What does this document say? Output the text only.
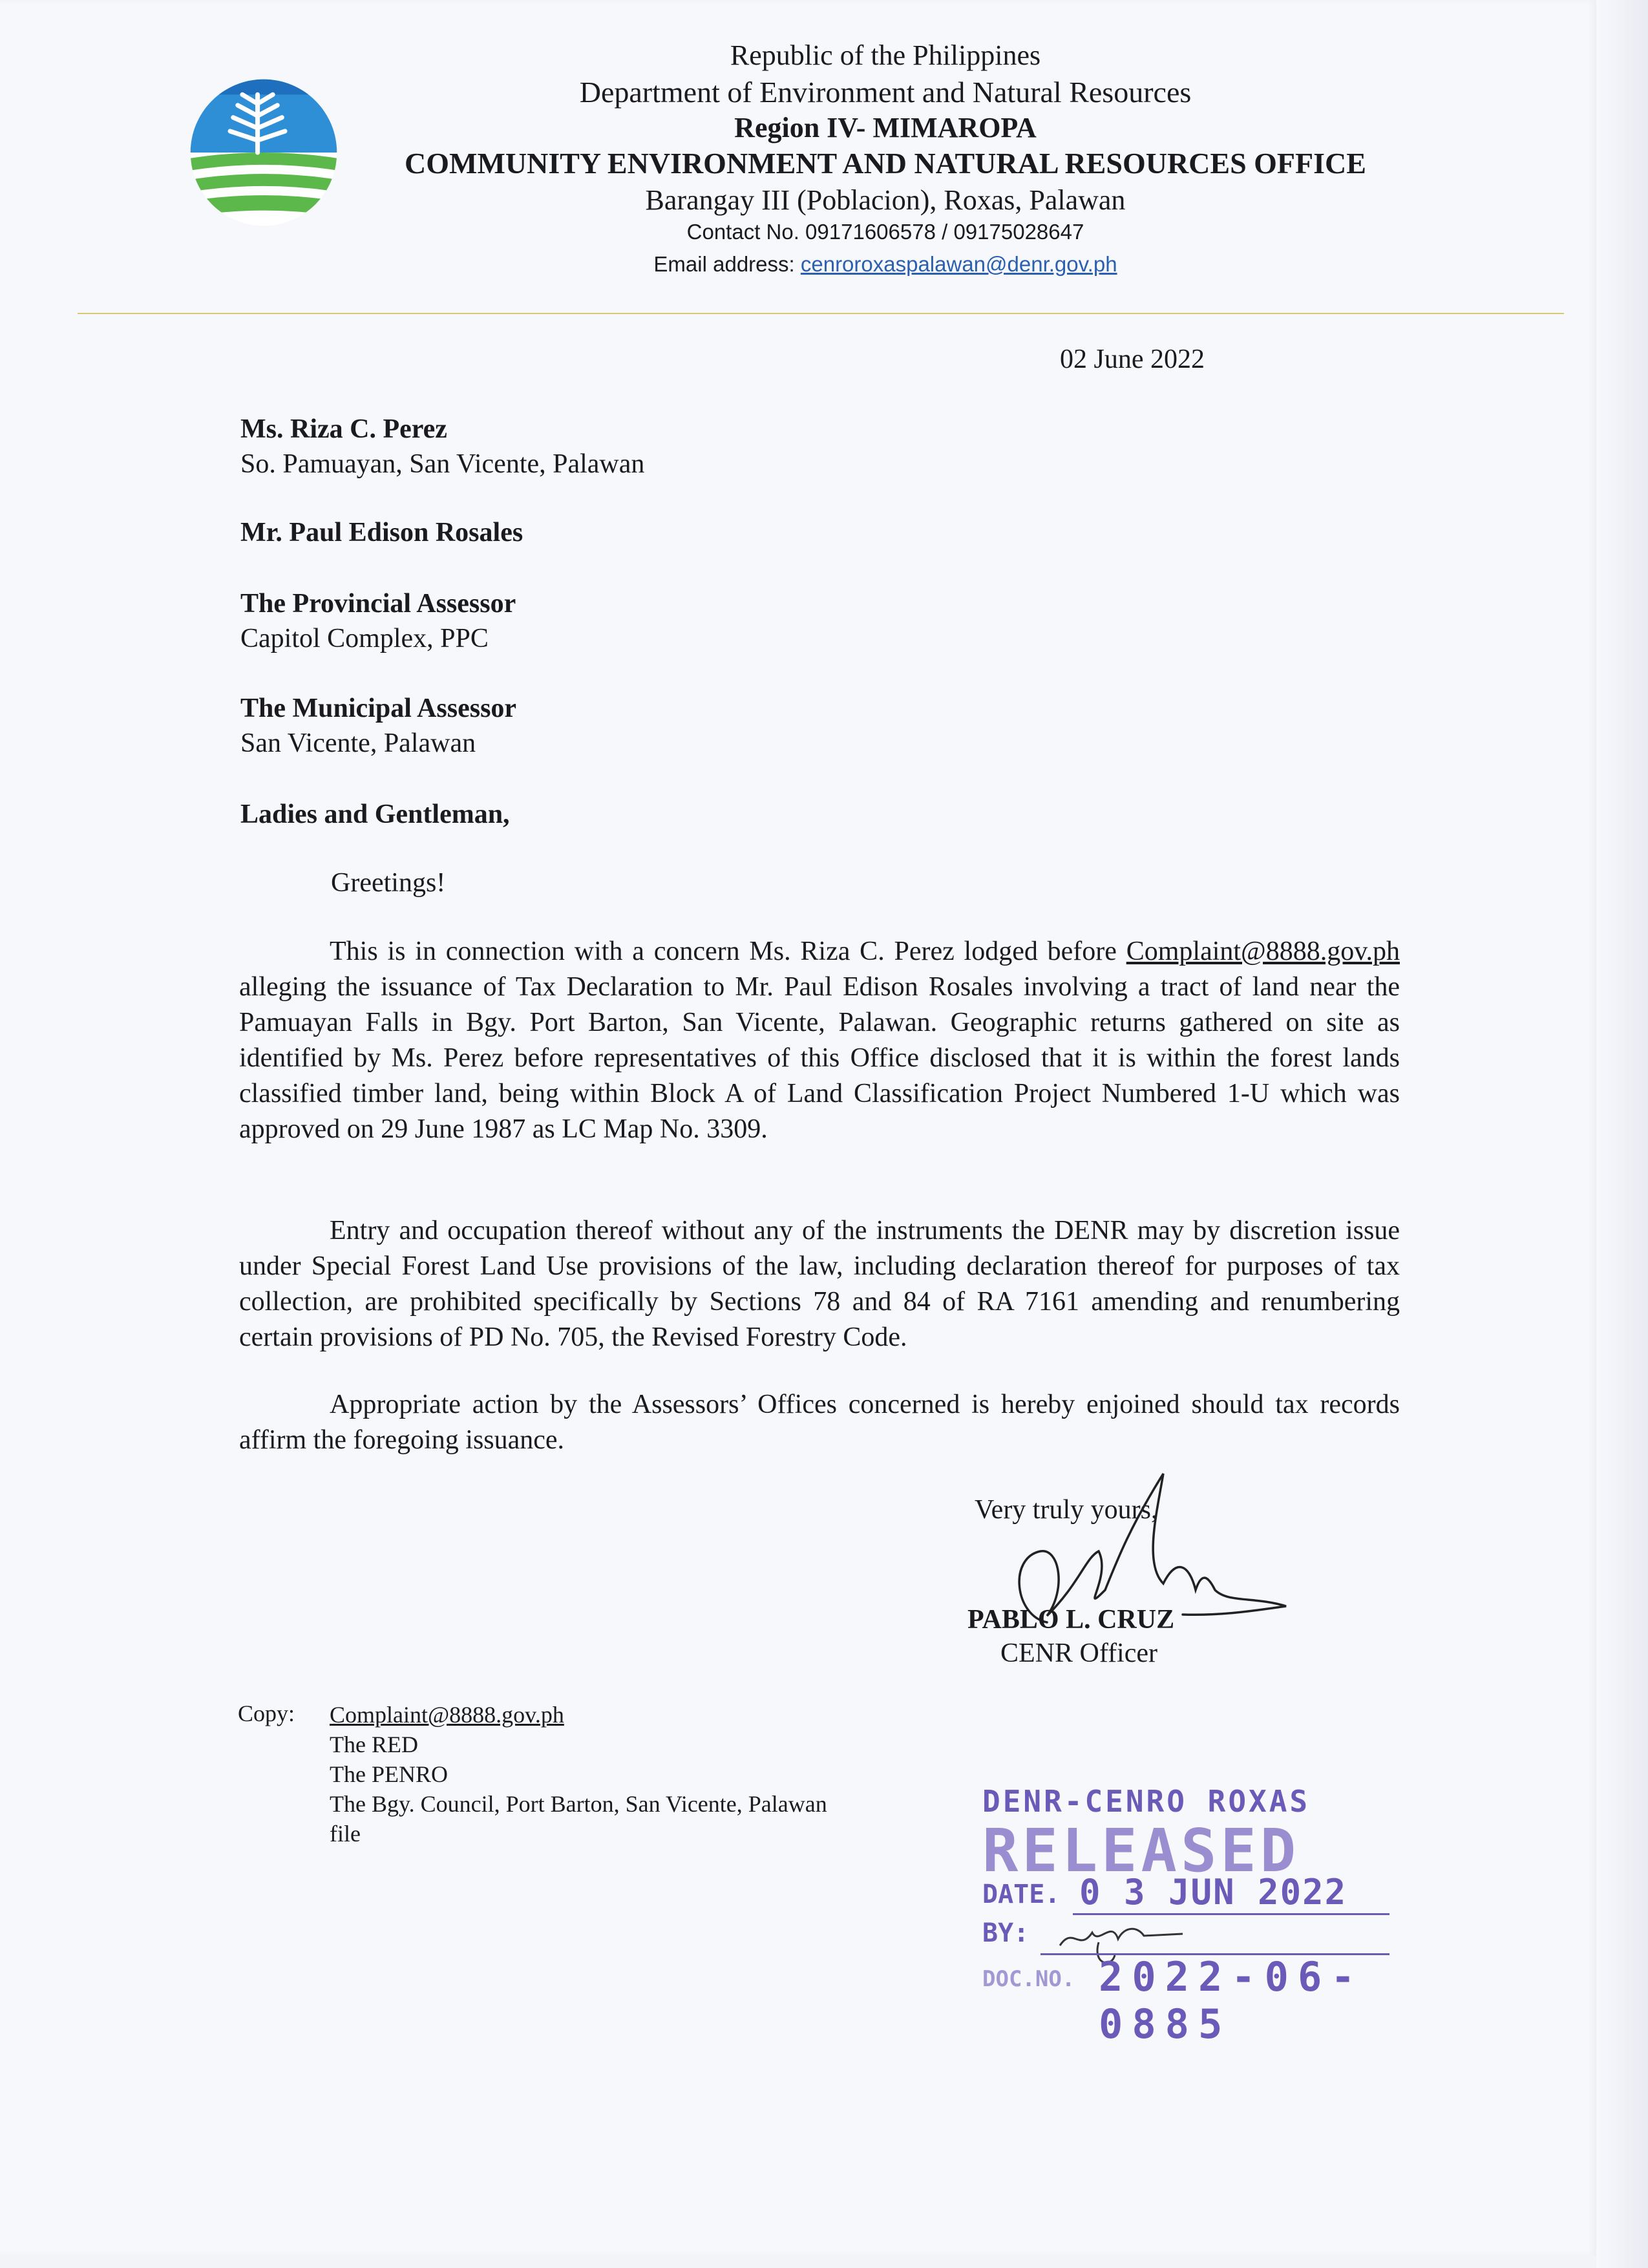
Republic of the Philippines
Department of Environment and Natural Resources
Region IV- MIMAROPA
COMMUNITY ENVIRONMENT AND NATURAL RESOURCES OFFICE
Barangay III (Poblacion), Roxas, Palawan
Contact No. 09171606578 / 09175028647
Email address: cenroroxaspalawan@denr.gov.ph
02 June 2022
Ms. Riza C. Perez
So. Pamuayan, San Vicente, Palawan
Mr. Paul Edison Rosales
The Provincial Assessor
Capitol Complex, PPC
The Municipal Assessor
San Vicente, Palawan
Ladies and Gentleman,
Greetings!
This is in connection with a concern Ms. Riza C. Perez lodged before Complaint@8888.gov.ph alleging the issuance of Tax Declaration to Mr. Paul Edison Rosales involving a tract of land near the Pamuayan Falls in Bgy. Port Barton, San Vicente, Palawan. Geographic returns gathered on site as identified by Ms. Perez before representatives of this Office disclosed that it is within the forest lands classified timber land, being within Block A of Land Classification Project Numbered 1-U which was approved on 29 June 1987 as LC Map No. 3309.
Entry and occupation thereof without any of the instruments the DENR may by discretion issue under Special Forest Land Use provisions of the law, including declaration thereof for purposes of tax collection, are prohibited specifically by Sections 78 and 84 of RA 7161 amending and renumbering certain provisions of PD No. 705, the Revised Forestry Code.
Appropriate action by the Assessors’ Offices concerned is hereby enjoined should tax records affirm the foregoing issuance.
Very truly yours,
PABLO L. CRUZ
CENR Officer
Copy: Complaint@8888.gov.ph
The RED
The PENRO
The Bgy. Council, Port Barton, San Vicente, Palawan
file
DENR-CENRO ROXAS
RELEASED
DATE. 0 3 JUN 2022
BY:
DOC.NO. 2022-06-0885
